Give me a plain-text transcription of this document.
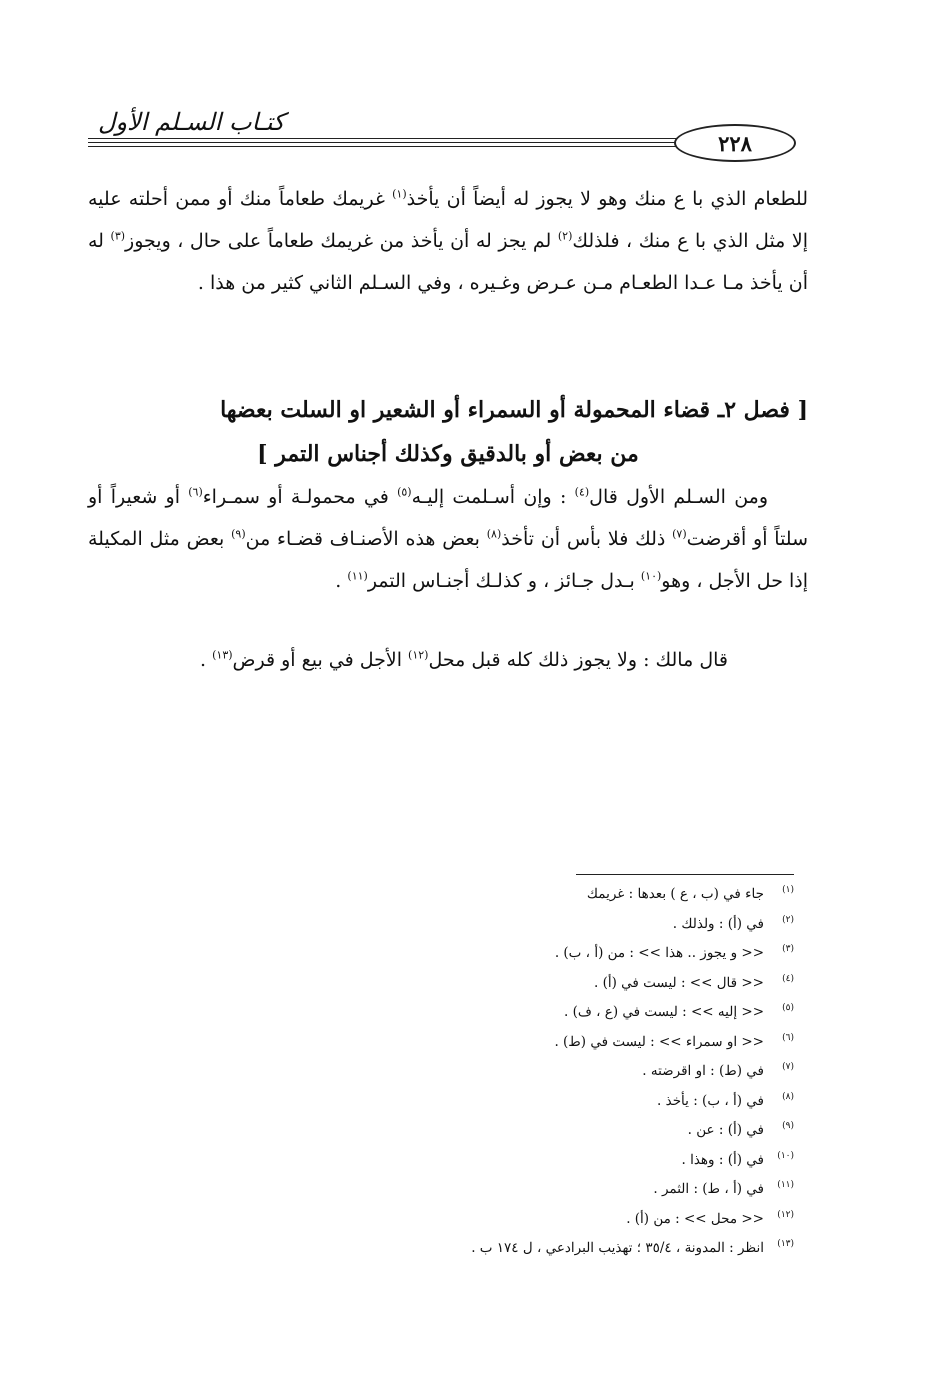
كتـاب السـلم الأول
٢٢٨

للطعام الذي با ع منك وهو لا يجوز له أيضاً أن يأخذ$^{(١)}$ غريمك طعاماً منك أو ممن أحلته عليه إلا مثل الذي با ع منك ، فلذلك$^{(٢)}$ لم يجز له أن يأخذ من غريمك طعاماً على حال ، ويجوز$^{(٣)}$ له أن يأخذ مـا عـدا الطعـام مـن عـرض وغـيره ، وفي السـلم الثاني كثير من هذا .

[ فصل ٢ـ قضاء المحمولة أو السمراء أو الشعير او السلت بعضها
من بعض أو بالدقيق وكذلك أجناس التمر ]

ومن السـلم الأول قال$^{(٤)}$ : وإن أسـلمت إليـه$^{(٥)}$ في محمولـة أو سمـراء$^{(٦)}$ أو شعيراً أو سلتاً أو أقرضت$^{(٧)}$ ذلك فلا بأس أن تأخذ$^{(٨)}$ بعض هذه الأصنـاف قضـاء من$^{(٩)}$ بعض مثل المكيلة إذا حل الأجل ، وهو$^{(١٠)}$ بـدل جـائز ، و كذلـك أجنـاس التمر$^{(١١)}$ .

قال مالك : ولا يجوز ذلك كله قبل محل$^{(١٢)}$ الأجل في بيع أو قرض$^{(١٣)}$ .

(١)
جاء في (ب ، ع ) بعدها : غريمك
(٢)
في (أ) : ولذلك .
(٣)
<< و يجوز .. هذا >> : من (أ ، ب) .
(٤)
<< قال >> : ليست في (أ) .
(٥)
<< إليه >> : ليست في (ع ، ف) .
(٦)
<< او سمراء >> : ليست في (ط) .
(٧)
في (ط) : او اقرضته .
(٨)
في (أ ، ب) : يأخذ .
(٩)
في (أ) : عن .
(١٠)
في (أ) : وهذا .
(١١)
في (أ ، ط) : الثمر .
(١٢)
<< محل >> : من (أ) .
(١٣)
انظر : المدونة ، ٣٥/٤ ؛ تهذيب البرادعي ، ل ١٧٤ ب .
